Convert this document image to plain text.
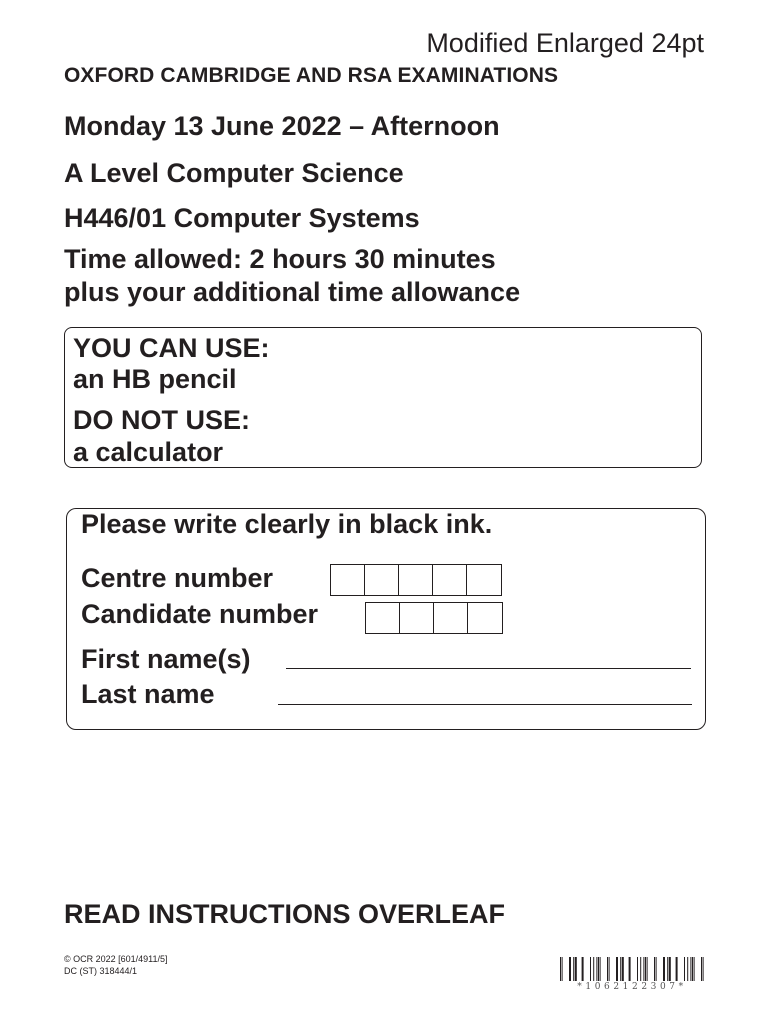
Modified Enlarged 24pt
OXFORD CAMBRIDGE AND RSA EXAMINATIONS
Monday 13 June 2022 – Afternoon
A Level Computer Science
H446/01 Computer Systems
Time allowed: 2 hours 30 minutes
plus your additional time allowance
YOU CAN USE:
an HB pencil
DO NOT USE:
a calculator
Please write clearly in black ink.
Centre number
Candidate number
First name(s)
Last name
READ INSTRUCTIONS OVERLEAF
© OCR 2022 [601/4911/5]
DC (ST) 318444/1
*1062122307*
